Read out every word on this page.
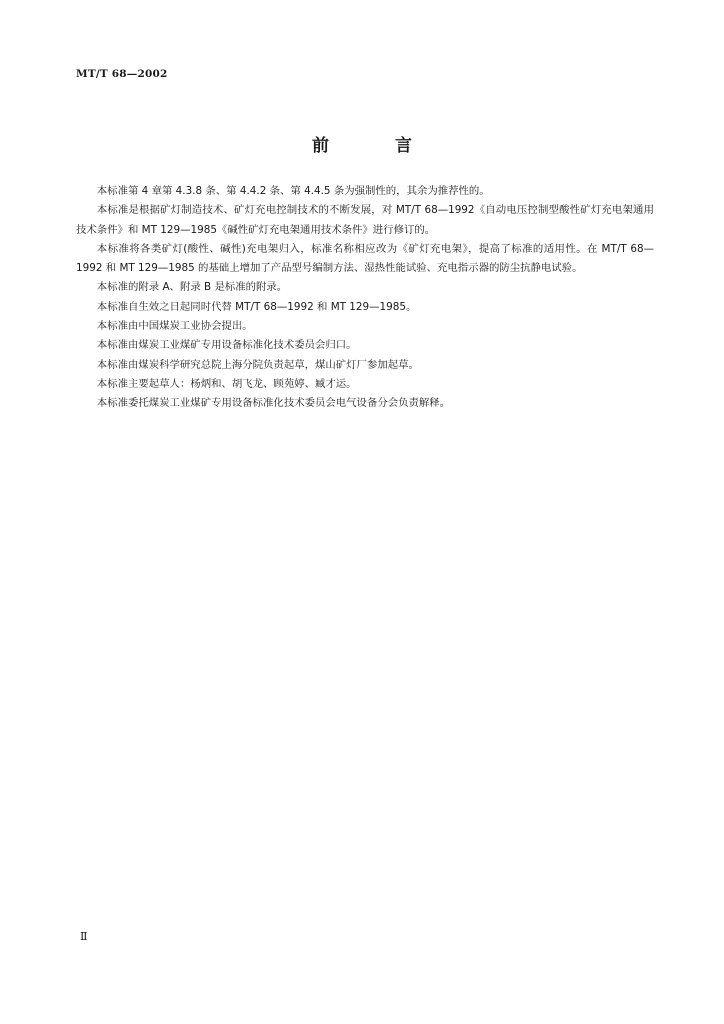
MT/T 68—2002
前 言

本标准第 4 章第 4.3.8 条、第 4.4.2 条、第 4.4.5 条为强制性的，其余为推荐性的。

本标准是根据矿灯制造技术、矿灯充电控制技术的不断发展，对 MT/T 68—1992《自动电压控制型酸性矿灯充电架通用技术条件》和 MT 129—1985《碱性矿灯充电架通用技术条件》进行修订的。

本标准将各类矿灯(酸性、碱性)充电架归入，标准名称相应改为《矿灯充电架》，提高了标准的适用性。在 MT/T 68—1992 和 MT 129—1985 的基础上增加了产品型号编制方法、湿热性能试验、充电指示器的防尘抗静电试验。

本标准的附录 A、附录 B 是标准的附录。

本标准自生效之日起同时代替 MT/T 68—1992 和 MT 129—1985。

本标准由中国煤炭工业协会提出。

本标准由煤炭工业煤矿专用设备标准化技术委员会归口。

本标准由煤炭科学研究总院上海分院负责起草，煤山矿灯厂参加起草。

本标准主要起草人：杨炳和、胡飞龙、顾苑婷、臧才运。

本标准委托煤炭工业煤矿专用设备标准化技术委员会电气设备分会负责解释。

Ⅱ
